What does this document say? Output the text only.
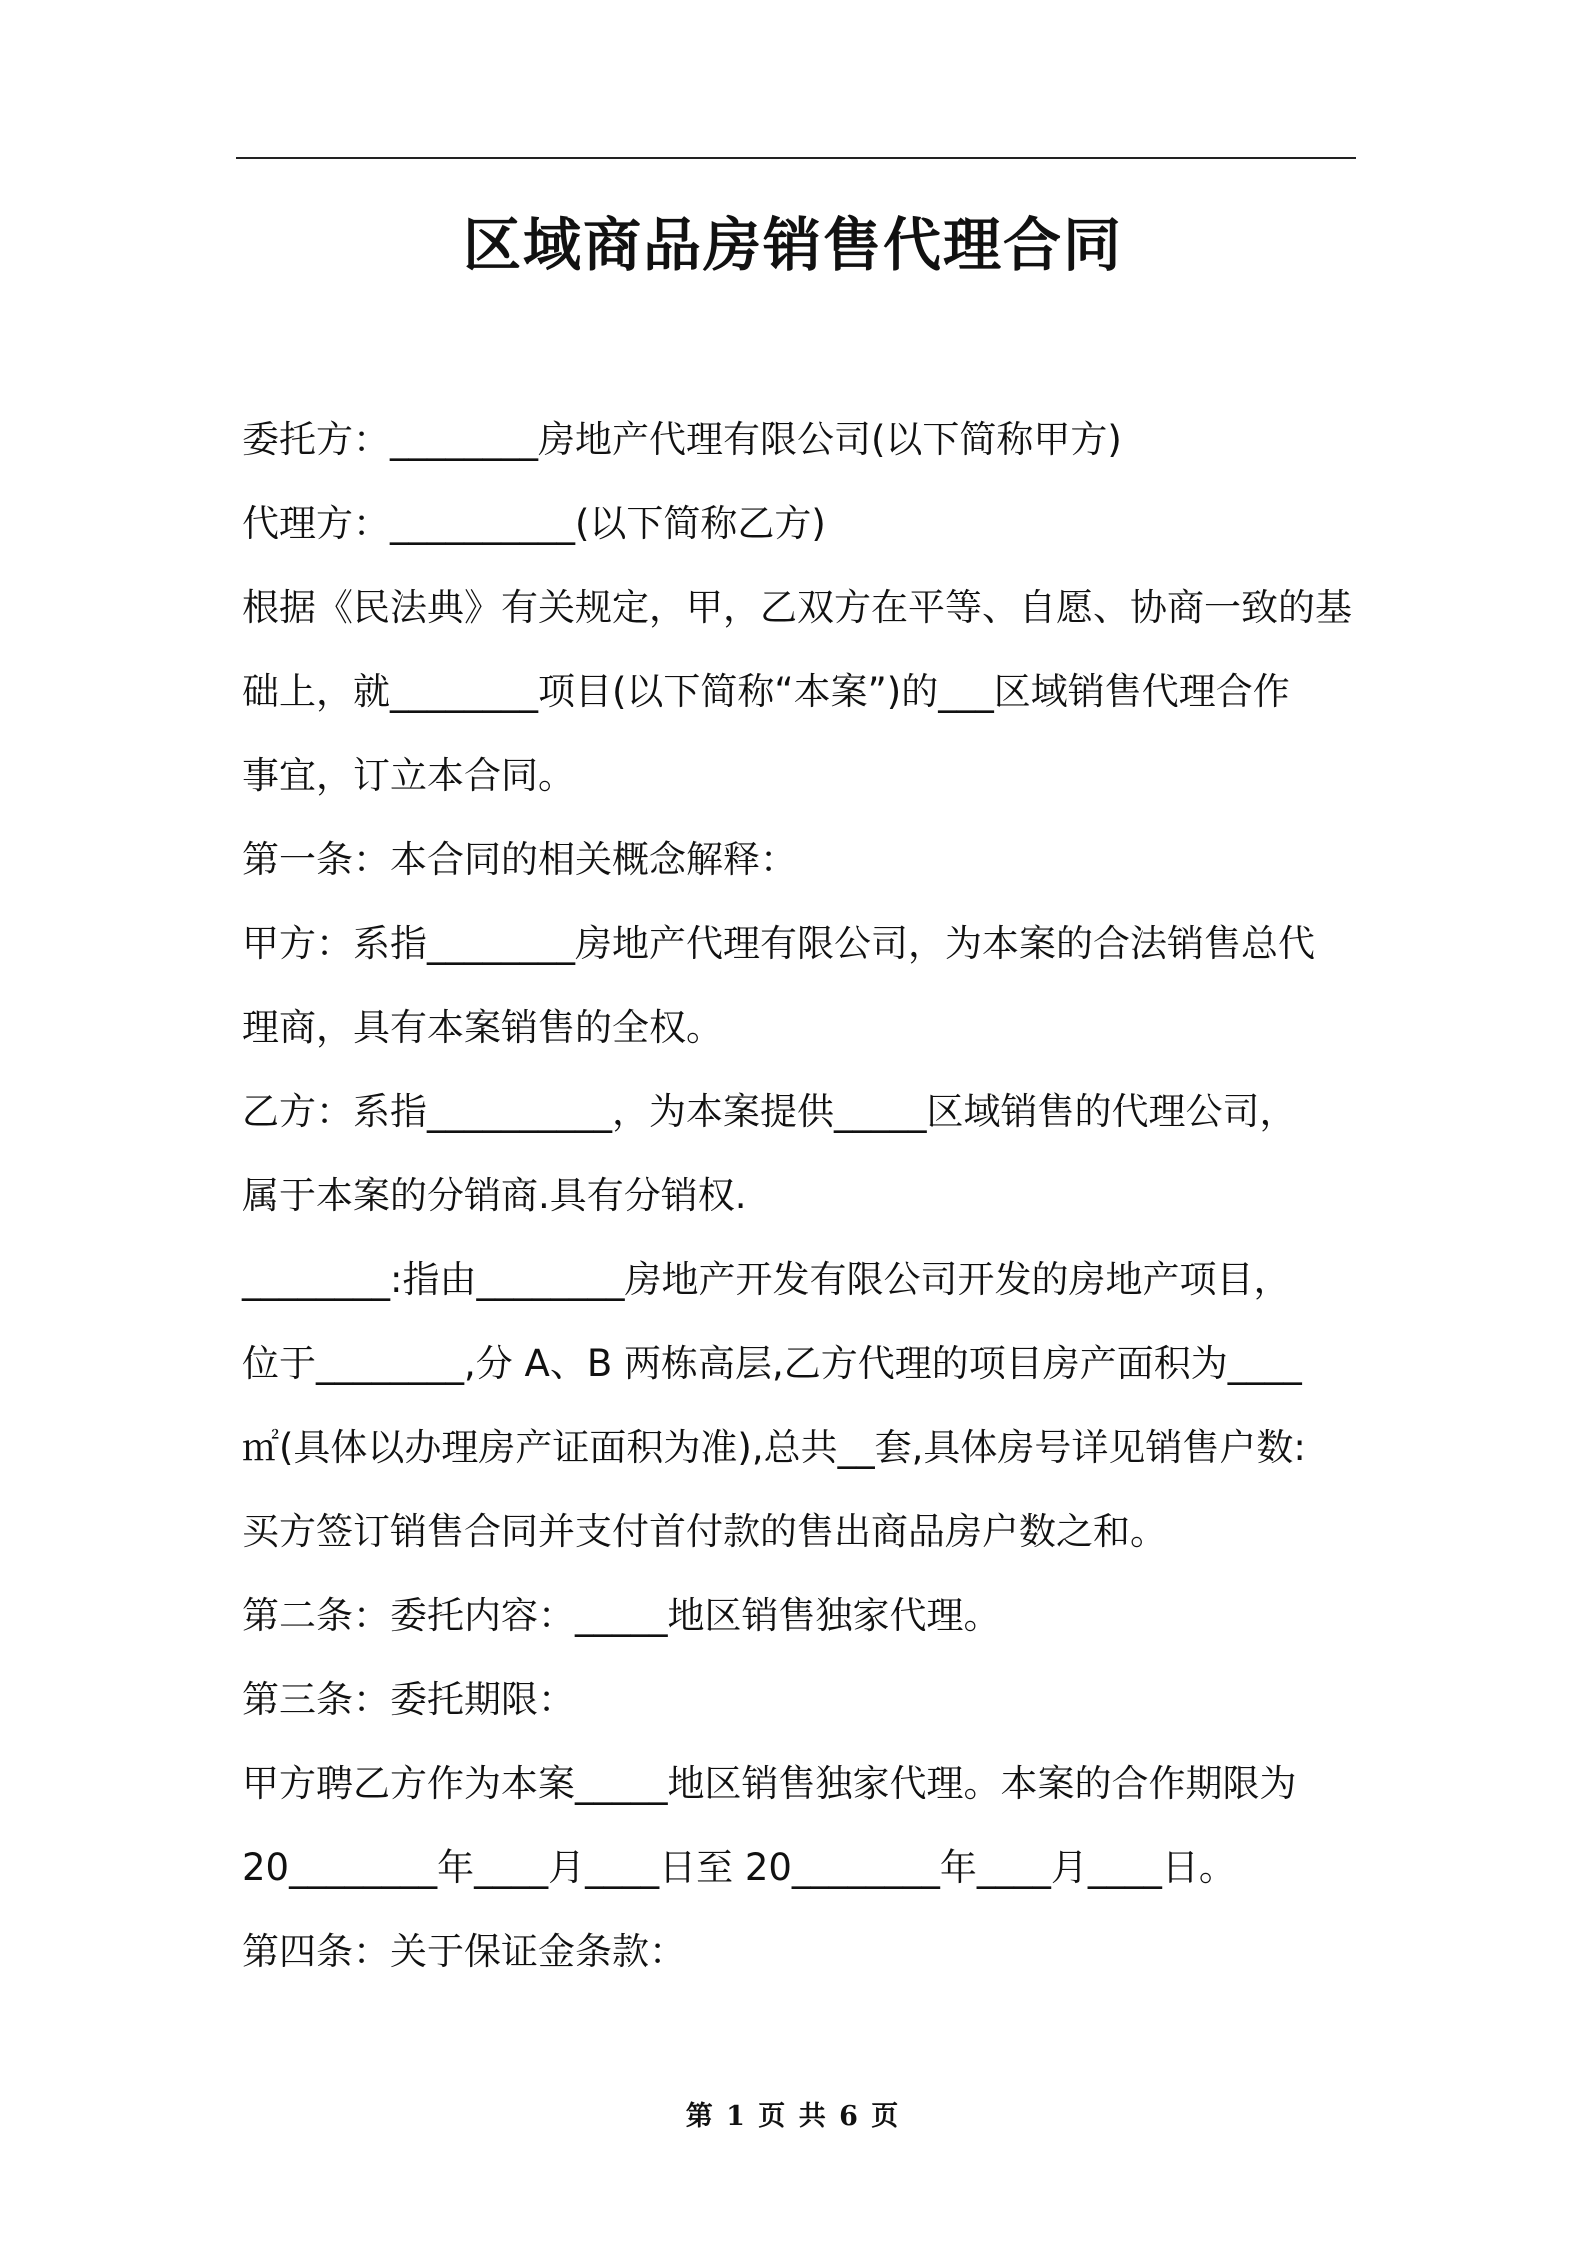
区域商品房销售代理合同

委托方：________房地产代理有限公司(以下简称甲方)

代理方：__________(以下简称乙方)

根据《民法典》有关规定，甲，乙双方在平等、自愿、协商一致的基

础上，就________项目(以下简称“本案”)的___区域销售代理合作

事宜，订立本合同。

第一条：本合同的相关概念解释：

甲方：系指________房地产代理有限公司，为本案的合法销售总代

理商，具有本案销售的全权。

乙方：系指__________，为本案提供_____区域销售的代理公司，

属于本案的分销商.具有分销权.

________:指由________房地产开发有限公司开发的房地产项目，

位于________,分 A、B 两栋高层,乙方代理的项目房产面积为____

㎡(具体以办理房产证面积为准),总共__套,具体房号详见销售户数:

买方签订销售合同并支付首付款的售出商品房户数之和。

第二条：委托内容：_____地区销售独家代理。

第三条：委托期限：

甲方聘乙方作为本案_____地区销售独家代理。本案的合作期限为

20________年____月____日至 20________年____月____日。

第四条：关于保证金条款：

第 1 页 共 6 页
